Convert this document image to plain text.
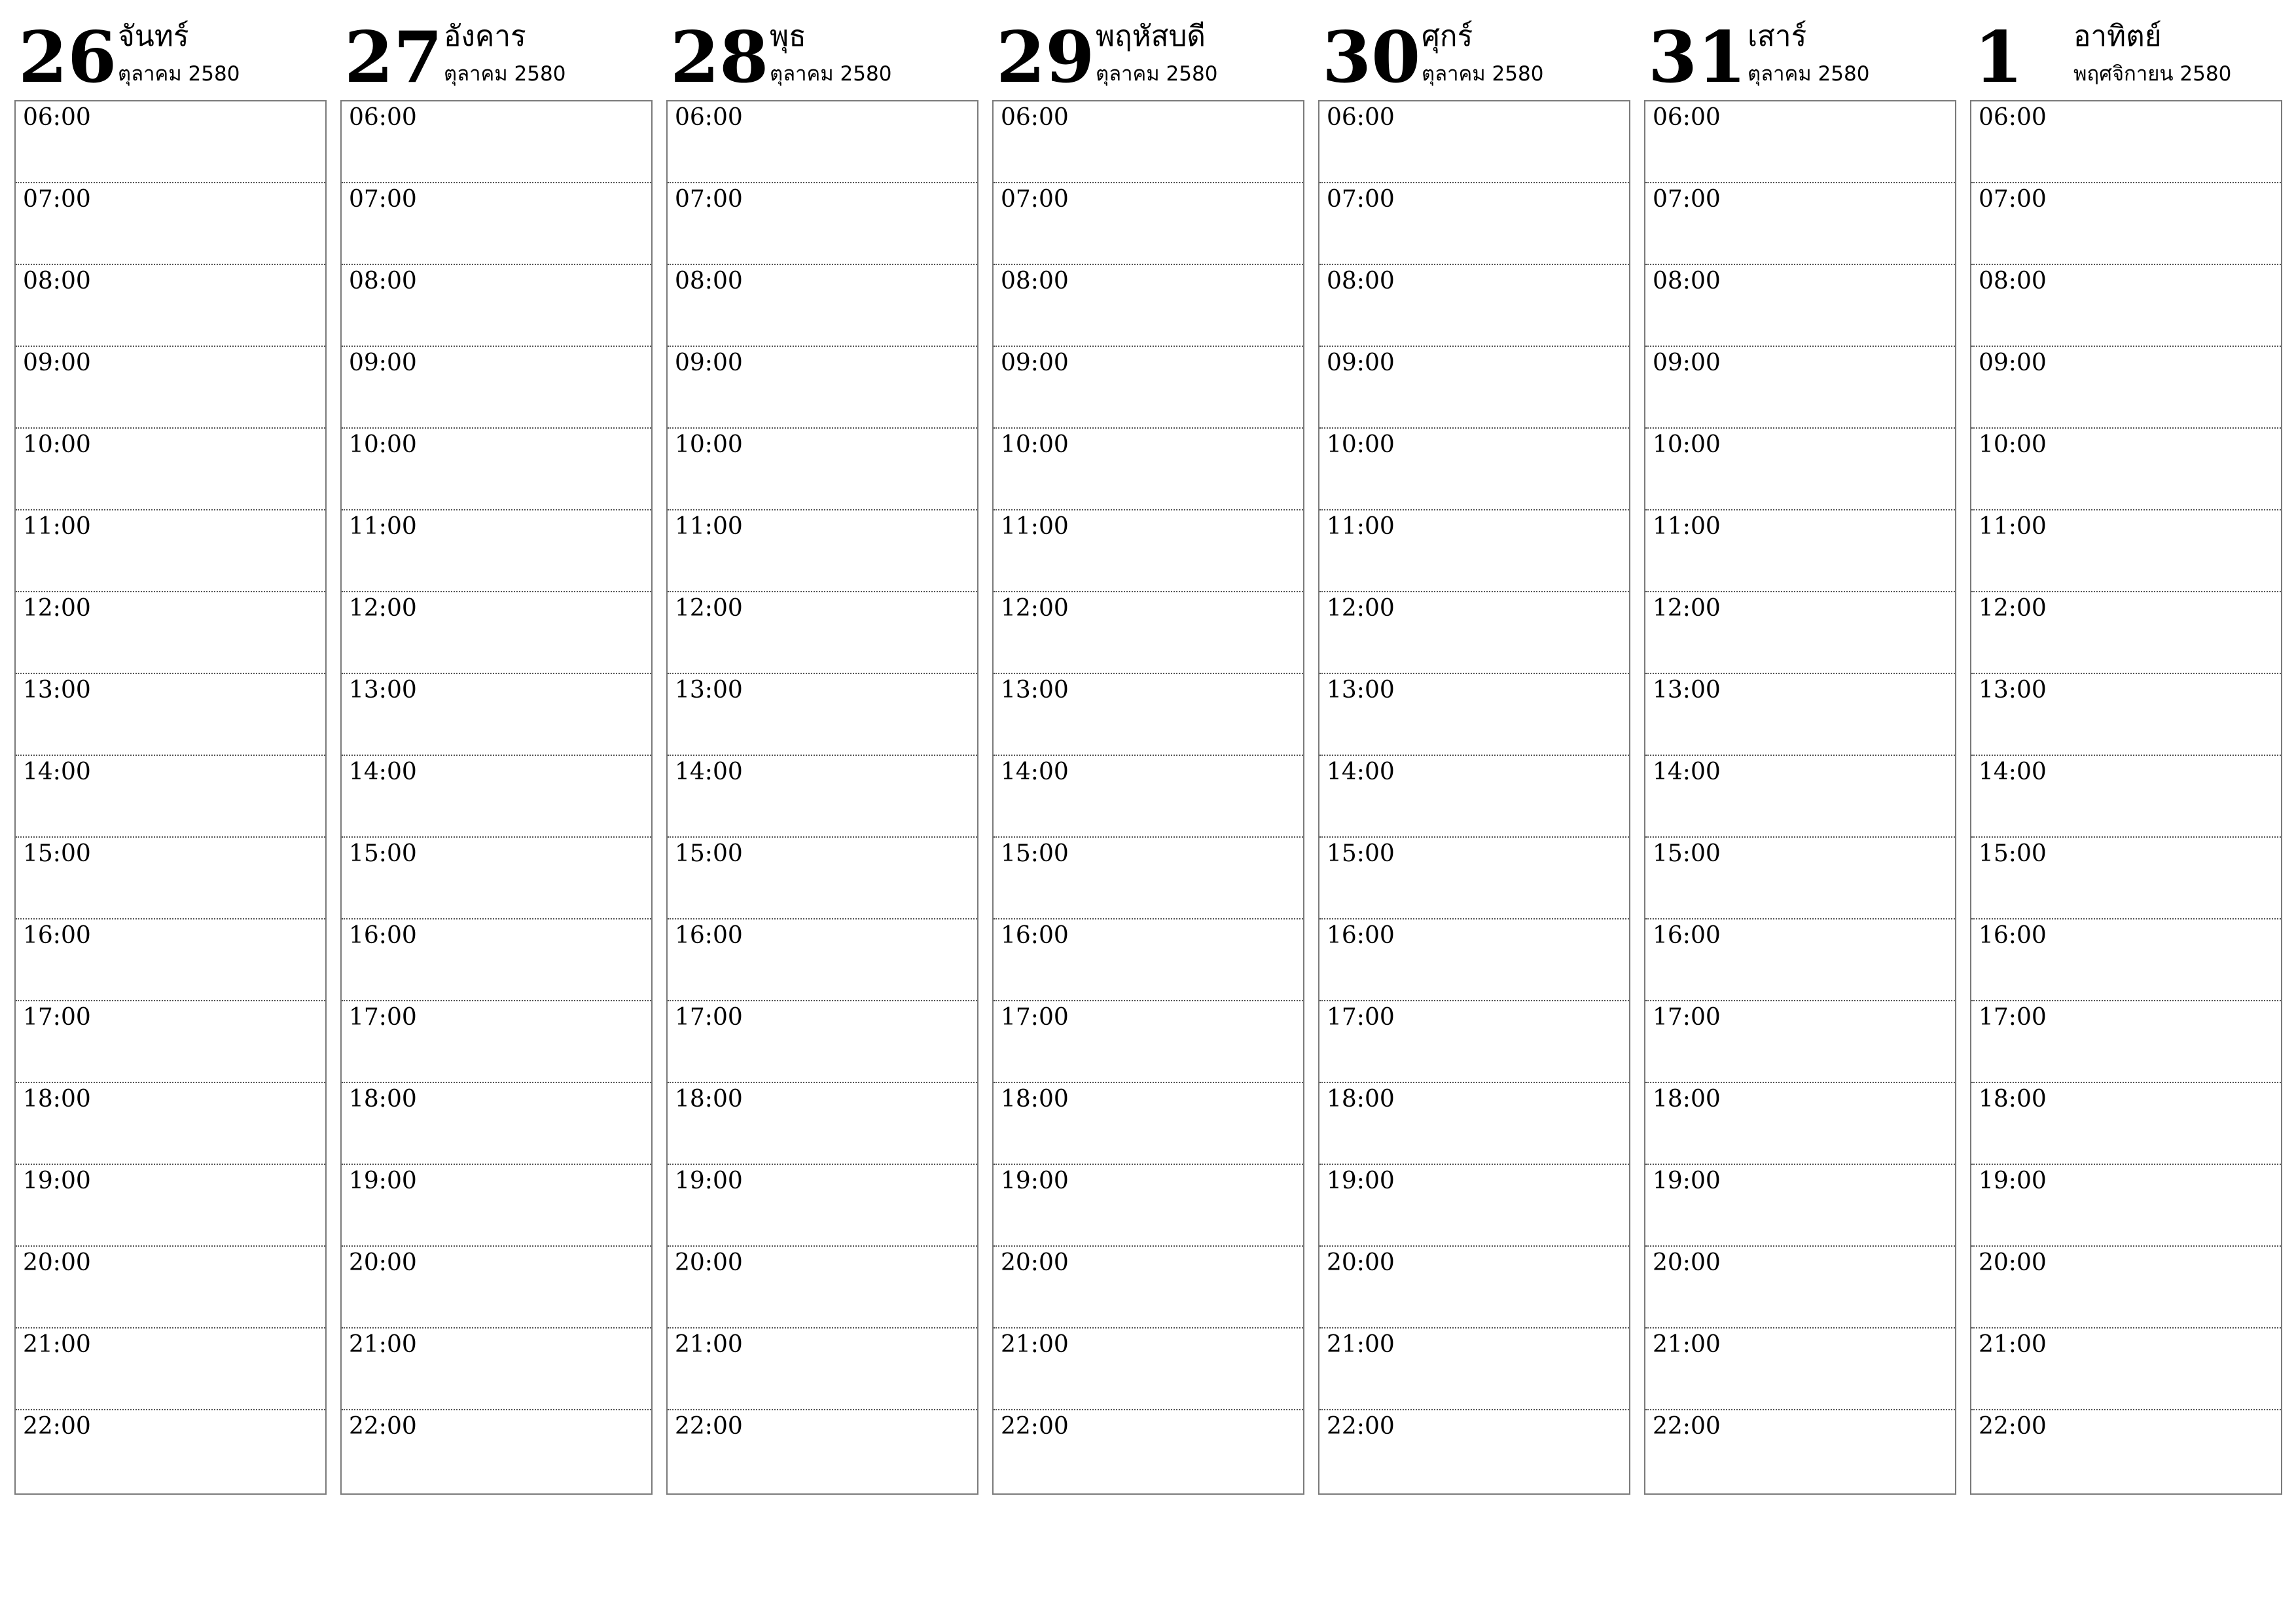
26 จันทร์
ตุลาคม 2580
06:00
07:00
08:00
09:00
10:00
11:00
12:00
13:00
14:00
15:00
16:00
17:00
18:00
19:00
20:00
21:00
22:00
27 อังคาร
ตุลาคม 2580
06:00
07:00
08:00
09:00
10:00
11:00
12:00
13:00
14:00
15:00
16:00
17:00
18:00
19:00
20:00
21:00
22:00
28 พุธ
ตุลาคม 2580
06:00
07:00
08:00
09:00
10:00
11:00
12:00
13:00
14:00
15:00
16:00
17:00
18:00
19:00
20:00
21:00
22:00
29 พฤหัสบดี
ตุลาคม 2580
06:00
07:00
08:00
09:00
10:00
11:00
12:00
13:00
14:00
15:00
16:00
17:00
18:00
19:00
20:00
21:00
22:00
30 ศุกร์
ตุลาคม 2580
06:00
07:00
08:00
09:00
10:00
11:00
12:00
13:00
14:00
15:00
16:00
17:00
18:00
19:00
20:00
21:00
22:00
31 เสาร์
ตุลาคม 2580
06:00
07:00
08:00
09:00
10:00
11:00
12:00
13:00
14:00
15:00
16:00
17:00
18:00
19:00
20:00
21:00
22:00
1 อาทิตย์
พฤศจิกายน 2580
06:00
07:00
08:00
09:00
10:00
11:00
12:00
13:00
14:00
15:00
16:00
17:00
18:00
19:00
20:00
21:00
22:00
